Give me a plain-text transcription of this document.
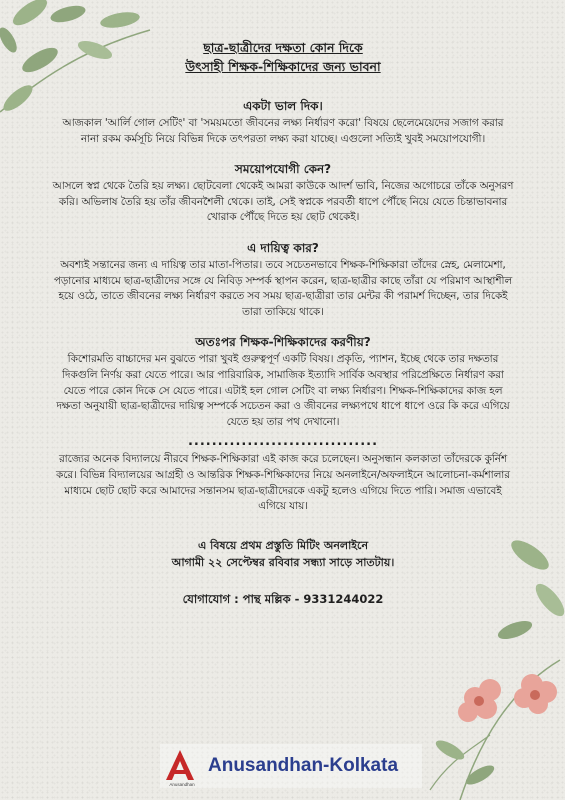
ছাত্র-ছাত্রীদের দক্ষতা কোন দিকে
উৎসাহী শিক্ষক-শিক্ষিকাদের জন্য ভাবনা
একটা ভাল দিক।
আজকাল 'আর্লি গোল সেটিং' বা 'সময়মতো জীবনের লক্ষ্য নির্ধারণ করো' বিষয়ে ছেলেমেয়েদের সজাগ করার নানা রকম কর্মসূচি নিয়ে বিভিন্ন দিকে তৎপরতা লক্ষ্য করা যাচ্ছে। এগুলো সত্যিই খুবই সময়োপযোগী।
সময়োপযোগী কেন?
আসলে স্বপ্ন থেকে তৈরি হয় লক্ষ্য। ছোটবেলা থেকেই আমরা কাউকে আদর্শ ভাবি, নিজের অগোচরে তাঁকে অনুসরণ করি। অভিলাষ তৈরি হয় তাঁর জীবনশৈলী থেকে। তাই, সেই স্বপ্নকে পরবর্তী ধাপে পৌঁছে নিয়ে যেতে চিন্তাভাবনার খোরাক পৌঁছে দিতে হয় ছোট থেকেই।
এ দায়িত্ব কার?
অবশ্যই সন্তানের জন্য এ দায়িত্ব তার মাতা-পিতার। তবে সচেতনভাবে শিক্ষক-শিক্ষিকারা তাঁদের স্নেহ, মেলামেশা, পড়ানোর মাধ্যমে ছাত্র-ছাত্রীদের সঙ্গে যে নিবিড় সম্পর্ক স্থাপন করেন, ছাত্র-ছাত্রীর কাছে তাঁরা যে পরিমাণ আস্থাশীল হয়ে ওঠে, তাতে জীবনের লক্ষ্য নির্ধারণ করতে সব সময় ছাত্র-ছাত্রীরা তার মেন্টর কী পরামর্শ দিচ্ছেন, তার দিকেই তারা তাকিয়ে থাকে।
অতঃপর শিক্ষক-শিক্ষিকাদের করণীয়?
কিশোরমতি বাচ্চাদের মন বুঝতে পারা খুবই গুরুত্বপূর্ণ একটি বিষয়। প্রকৃতি, প্যাশন, ইচ্ছে থেকে তার দক্ষতার দিকগুলি নির্ণয় করা যেতে পারে। আর পারিবারিক, সামাজিক ইত্যাদি সার্বিক অবস্থার পরিপ্রেক্ষিতে নির্ধারণ করা যেতে পারে কোন দিকে সে যেতে পারে। এটাই হল গোল সেটিং বা লক্ষ্য নির্ধারণ। শিক্ষক-শিক্ষিকাদের কাজ হল দক্ষতা অনুযায়ী ছাত্র-ছাত্রীদের দায়িত্ব সম্পর্কে সচেতন করা ও জীবনের লক্ষ্যপথে ধাপে ধাপে ওরে কি করে এগিয়ে যেতে হয় তার পথ দেখানো।
................................
রাজ্যের অনেক বিদ্যালয়ে নীরবে শিক্ষক-শিক্ষিকারা এই কাজ করে চলেছেন। অনুসন্ধান কলকাতা তাঁদেরকে কুর্নিশ করে। বিভিন্ন বিদ্যালয়ের আগ্রহী ও আন্তরিক শিক্ষক-শিক্ষিকাদের নিয়ে অনলাইনে/অফলাইনে আলোচনা-কর্মশালার মাধ্যমে ছোট ছোট করে আমাদের সন্তানসম ছাত্র-ছাত্রীদেরকে একটু হলেও এগিয়ে দিতে পারি। সমাজ এভাবেই এগিয়ে যায়।
এ বিষয়ে প্রথম প্রস্তুতি মিটিং অনলাইনে
আগামী ২২ সেপ্টেম্বর রবিবার সন্ধ্যা সাড়ে সাতটায়।
যোগাযোগ : পান্থ মল্লিক - 9331244022
Anusandhan
Anusandhan-Kolkata
